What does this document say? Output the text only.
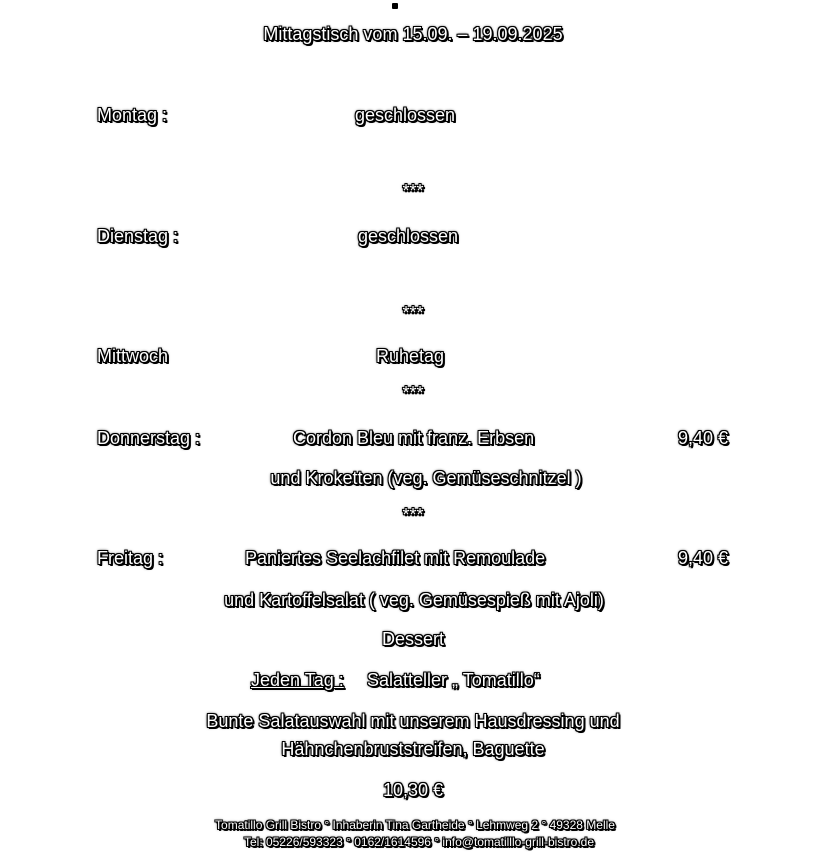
Mittagstisch vom 15.09. – 19.09.2025
Montag :	geschlossen
***
Dienstag :	geschlossen
***
Mittwoch	Ruhetag
***
Donnerstag :	Cordon Bleu mit franz. Erbsen	9,40 €
und Kroketten (veg. Gemüseschnitzel )
***
Freitag :	Paniertes Seelachfilet mit Remoulade	9,40 €
und Kartoffelsalat ( veg. Gemüsespieß mit Ajoli)
Dessert
Jeden Tag : Salatteller „ Tomatillo“
Bunte Salatauswahl mit unserem Hausdressing und
Hähnchenbruststreifen, Baguette
10,30 €
Tomatillo Grill Bistro ° Inhaberin Tina Gartheide ° Lehmweg 2 ° 49328 Melle
Tel: 05226/593323 ° 0162/1614596 ° info@tomatilllo-grill-bistro.de
